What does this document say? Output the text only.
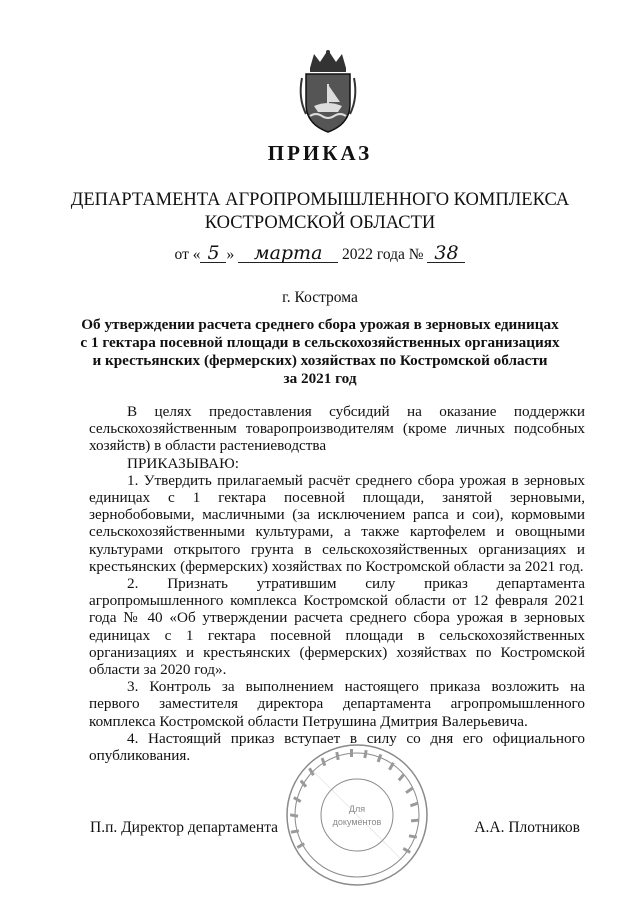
ПРИКАЗ
ДЕПАРТАМЕНТА АГРОПРОМЫШЛЕННОГО КОМПЛЕКСА
КОСТРОМСКОЙ ОБЛАСТИ
от « 5 » марта 2022 года № 38
г. Кострома
Об утверждении расчета среднего сбора урожая в зерновых единицах
с 1 гектара посевной площади в сельскохозяйственных организациях
и крестьянских (фермерских) хозяйствах по Костромской области
за 2021 год

В целях предоставления субсидий на оказание поддержки сельскохозяйственным товаропроизводителям (кроме личных подсобных хозяйств) в области растениеводства

ПРИКАЗЫВАЮ:

1. Утвердить прилагаемый расчёт среднего сбора урожая в зерновых единицах с 1 гектара посевной площади, занятой зерновыми, зернобобовыми, масличными (за исключением рапса и сои), кормовыми сельскохозяйственными культурами, а также картофелем и овощными культурами открытого грунта в сельскохозяйственных организациях и крестьянских (фермерских) хозяйствах по Костромской области за 2021 год.

2. Признать утратившим силу приказ департамента агропромышленного комплекса Костромской области от 12 февраля 2021 года № 40 «Об утверждении расчета среднего сбора урожая в зерновых единицах с 1 гектара посевной площади в сельскохозяйственных организациях и крестьянских (фермерских) хозяйствах по Костромской области за 2020 год».

3. Контроль за выполнением настоящего приказа возложить на первого заместителя директора департамента агропромышленного комплекса Костромской области Петрушина Дмитрия Валерьевича.

4. Настоящий приказ вступает в силу со дня его официального опубликования.

Для
документов
П.п. Директор департамента	А.А. Плотников
